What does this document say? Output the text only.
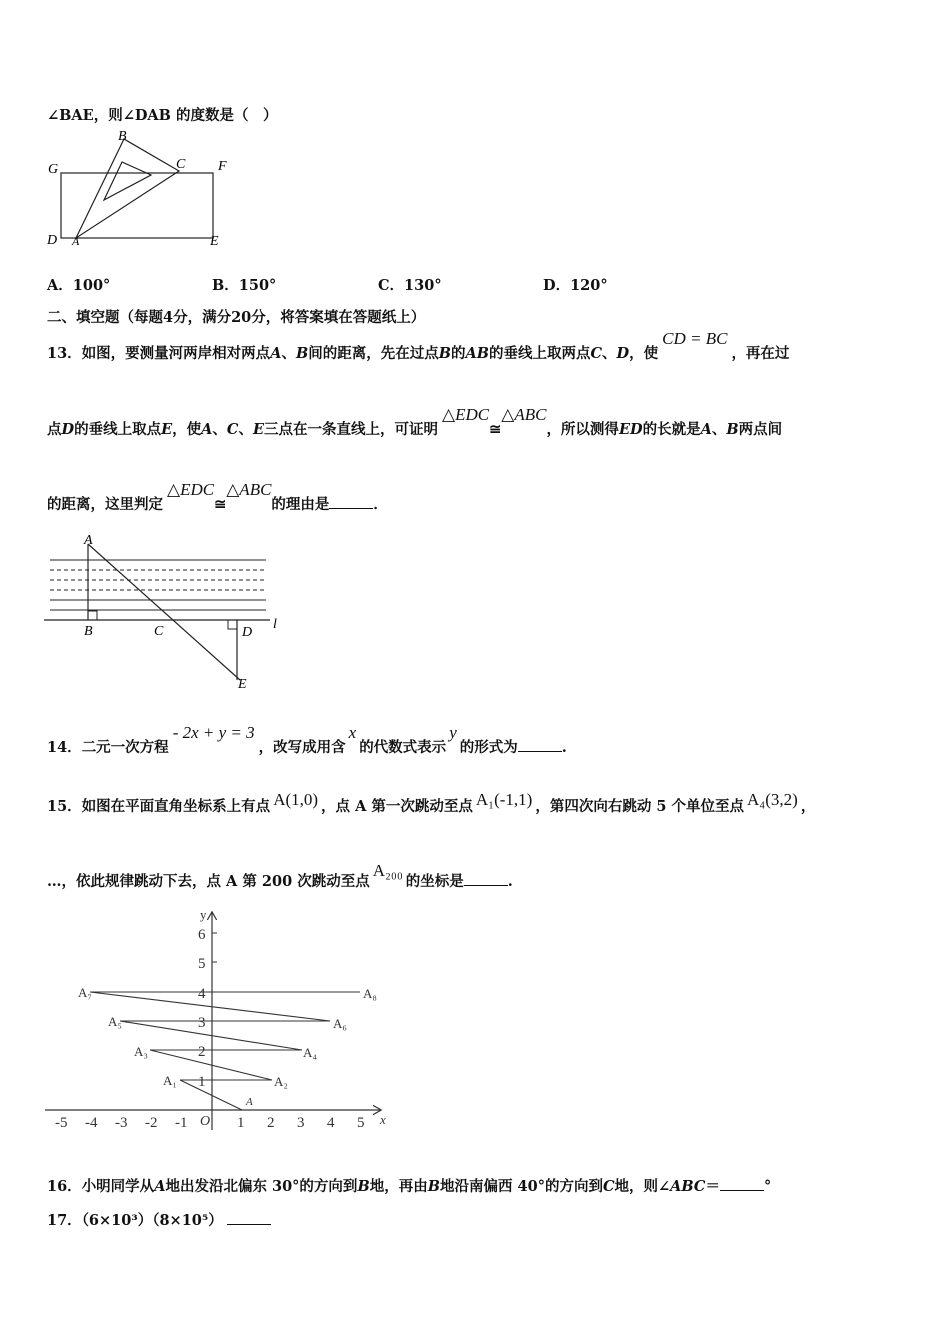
∠BAE，则∠DAB 的度数是（　）
G
B
C F
D A	E
A．100°	B．150°	C．130°	D．120°
二、填空题（每题4分，满分20分，将答案填在答题纸上）
13．如图，要测量河两岸相对两点A、B间的距离，先在过点B的AB的垂线上取两点C、D，使CD = BC，再在过
点D的垂线上取点E，使A、C、E三点在一条直线上，可证明△EDC≅△ABC，所以测得ED的长就是A、B两点间
的距离，这里判定△EDC≅△ABC的理由是	．
A
B	C	D
l
E
14．二元一次方程- 2x + y = 3，改写成用含x的代数式表示y的形式为	.
15．如图在平面直角坐标系上有点 A(1,0) ，点 A 第一次跳动至点 A₁(-1,1) ，第四次向右跳动 5 个单位至点 A₄(3,2) ，
…，依此规律跳动下去，点 A 第 200 次跳动至点A₂₀₀的坐标是	.
y
x
O
1
2
3
4
5
6
-5 -4 -3 -2 -1	1 2 3 4 5
A
A₁	A₂
A₃	A₄
A₅	A₆
A₇	A₈
16．小明同学从A地出发沿北偏东 30°的方向到B地，再由B地沿南偏西 40°的方向到C地，则∠ABC＝	°
17．（6×10³）（8×10⁵）
